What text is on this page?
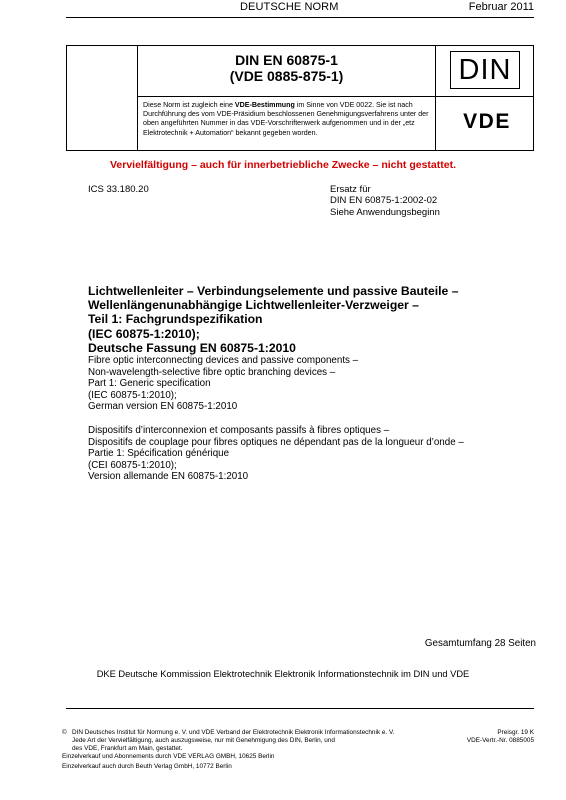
DEUTSCHE NORM	Februar 2011
DIN EN 60875-1
(VDE 0885-875-1)
Diese Norm ist zugleich eine VDE-Bestimmung im Sinne von VDE 0022. Sie ist nach Durchführung des vom VDE-Präsidium beschlossenen Genehmigungsverfahrens unter der oben angeführten Nummer in das VDE-Vorschriftenwerk aufgenommen und in der „etz Elektrotechnik + Automation“ bekannt gegeben worden.
DIN
VDE
Vervielfältigung – auch für innerbetriebliche Zwecke – nicht gestattet.
ICS 33.180.20	Ersatz für
DIN EN 60875-1:2002-02
Siehe Anwendungsbeginn
Lichtwellenleiter – Verbindungselemente und passive Bauteile –
Wellenlängenunabhängige Lichtwellenleiter-Verzweiger –
Teil 1: Fachgrundspezifikation
(IEC 60875-1:2010);
Deutsche Fassung EN 60875-1:2010
Fibre optic interconnecting devices and passive components –
Non-wavelength-selective fibre optic branching devices –
Part 1: Generic specification
(IEC 60875-1:2010);
German version EN 60875-1:2010
Dispositifs d’interconnexion et composants passifs à fibres optiques –
Dispositifs de couplage pour fibres optiques ne dépendant pas de la longueur d’onde –
Partie 1: Spécification générique
(CEI 60875-1:2010);
Version allemande EN 60875-1:2010
Gesamtumfang 28 Seiten
DKE Deutsche Kommission Elektrotechnik Elektronik Informationstechnik im DIN und VDE
© DIN Deutsches Institut für Normung e. V. und VDE Verband der Elektrotechnik Elektronik Informationstechnik e. V.
Jede Art der Vervielfältigung, auch auszugsweise, nur mit Genehmigung des DIN, Berlin, und
des VDE, Frankfurt am Main, gestattet.
Einzelverkauf und Abonnements durch VDE VERLAG GMBH, 10625 Berlin
Einzelverkauf auch durch Beuth Verlag GmbH, 10772 Berlin
Preisgr. 19 K
VDE-Vertr.-Nr. 0885005
